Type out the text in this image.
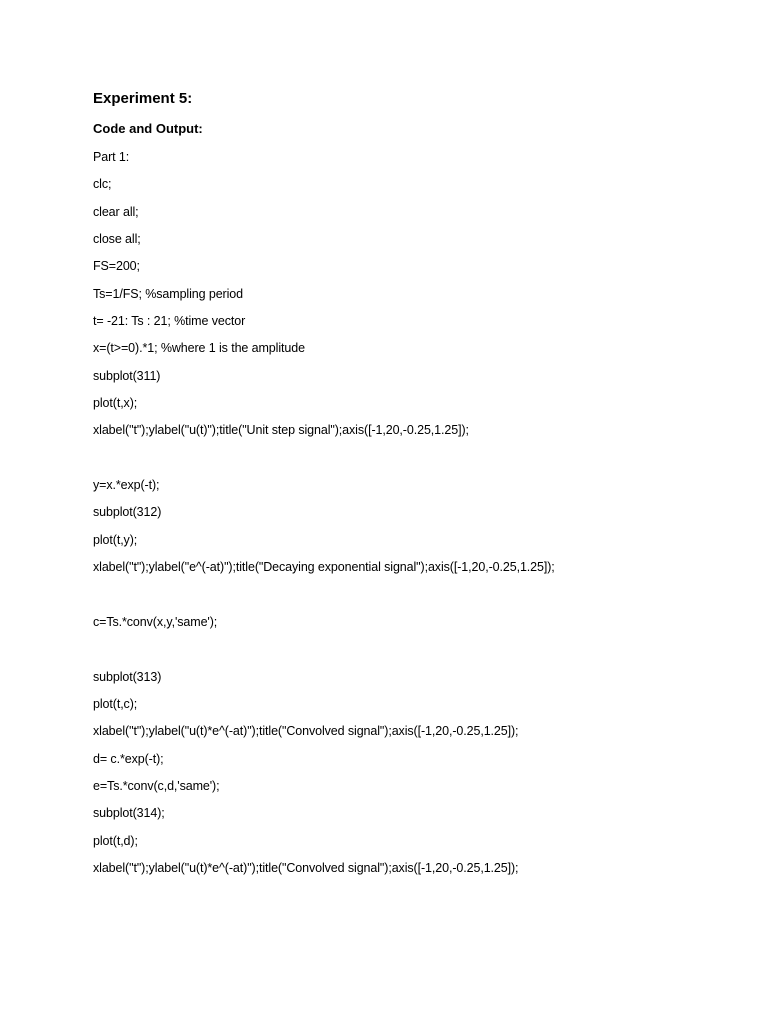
Experiment 5:
Code and Output:
Part 1:
clc;
clear all;
close all;
FS=200;
Ts=1/FS; %sampling period
t= -21: Ts : 21; %time vector
x=(t>=0).*1; %where 1 is the amplitude
subplot(311)
plot(t,x);
xlabel("t");ylabel("u(t)");title("Unit step signal");axis([-1,20,-0.25,1.25]);
y=x.*exp(-t);
subplot(312)
plot(t,y);
xlabel("t");ylabel("e^(-at)");title("Decaying exponential signal");axis([-1,20,-0.25,1.25]);
c=Ts.*conv(x,y,'same');
subplot(313)
plot(t,c);
xlabel("t");ylabel("u(t)*e^(-at)");title("Convolved signal");axis([-1,20,-0.25,1.25]);
d= c.*exp(-t);
e=Ts.*conv(c,d,'same');
subplot(314);
plot(t,d);
xlabel("t");ylabel("u(t)*e^(-at)");title("Convolved signal");axis([-1,20,-0.25,1.25]);
